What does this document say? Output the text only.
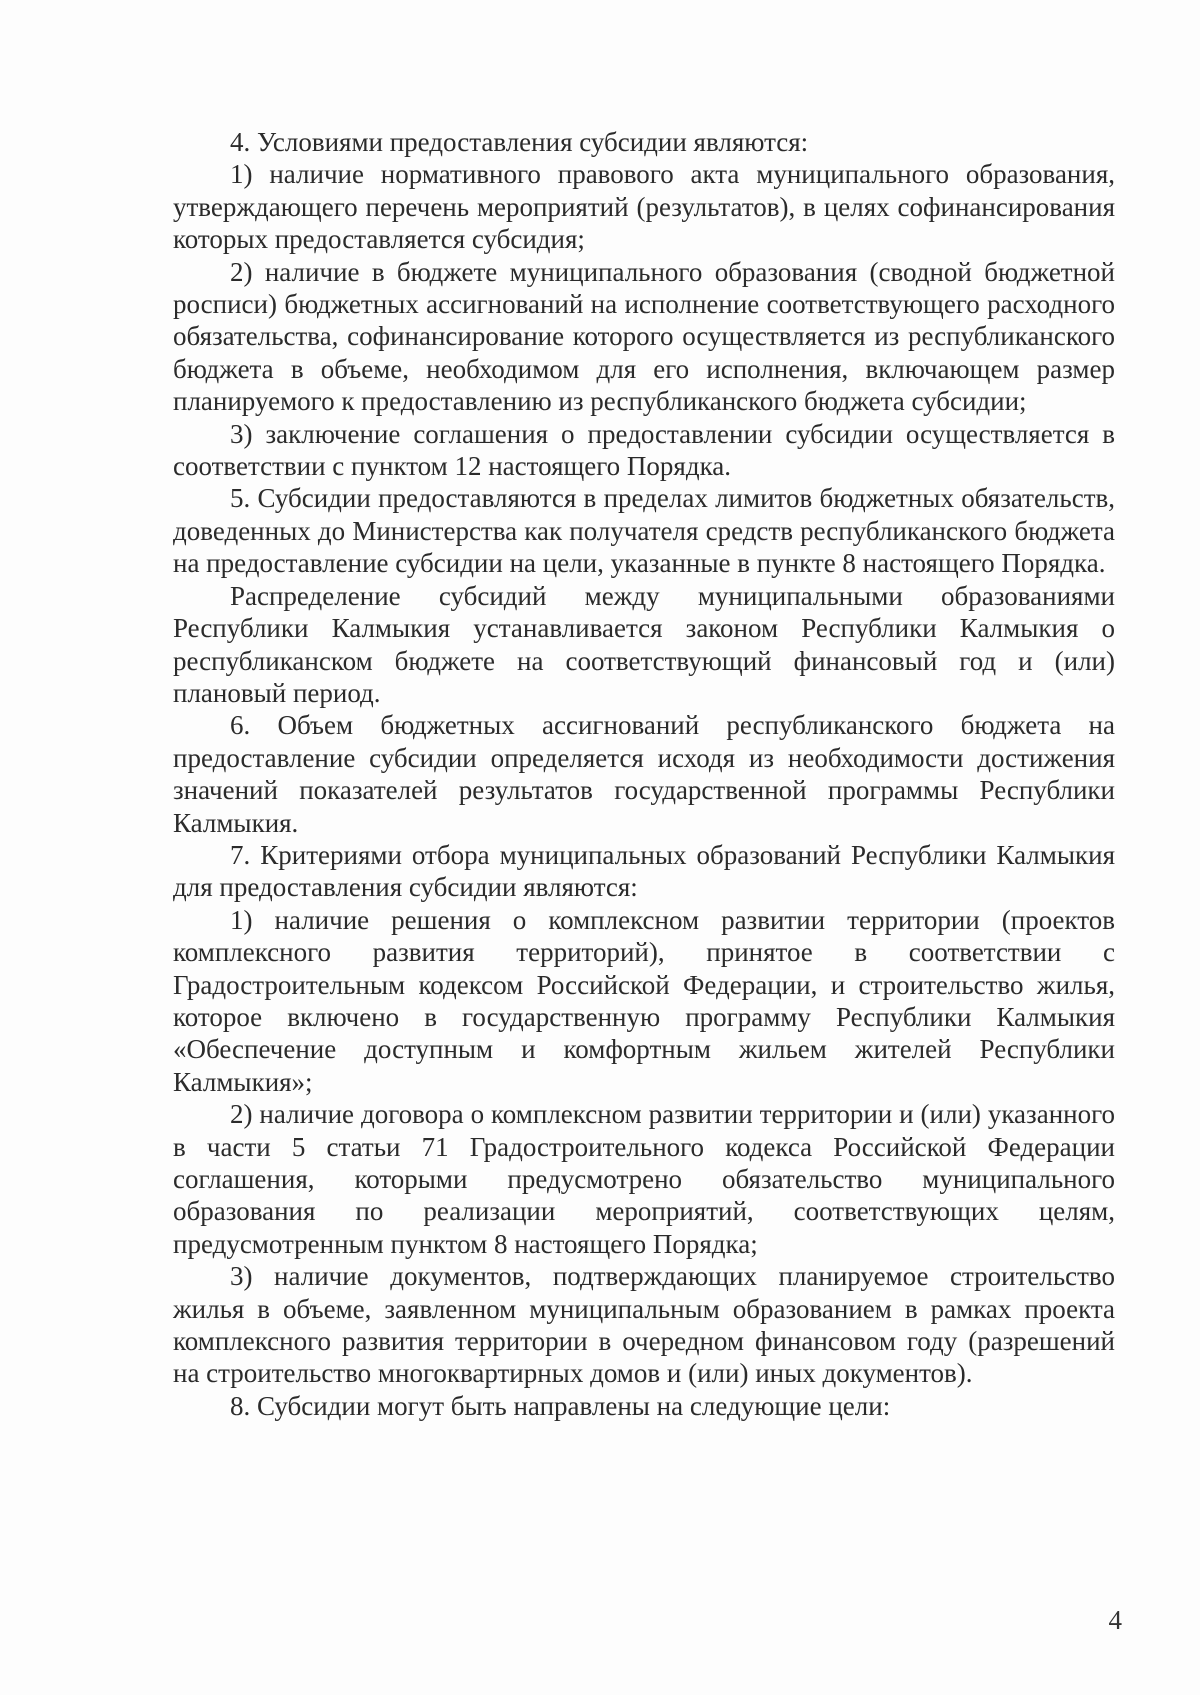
4. Условиями предоставления субсидии являются:

1) наличие нормативного правового акта муниципального образования, утверждающего перечень мероприятий (результатов), в целях софинансирования которых предоставляется субсидия;

2) наличие в бюджете муниципального образования (сводной бюджетной росписи) бюджетных ассигнований на исполнение соответствующего расходного обязательства, софинансирование которого осуществляется из республиканского бюджета в объеме, необходимом для его исполнения, включающем размер планируемого к предоставлению из республиканского бюджета субсидии;

3) заключение соглашения о предоставлении субсидии осуществляется в соответствии с пунктом 12 настоящего Порядка.

5. Субсидии предоставляются в пределах лимитов бюджетных обязательств, доведенных до Министерства как получателя средств республиканского бюджета на предоставление субсидии на цели, указанные в пункте 8 настоящего Порядка.

Распределение субсидий между муниципальными образованиями Республики Калмыкия устанавливается законом Республики Калмыкия о республиканском бюджете на соответствующий финансовый год и (или) плановый период.

6. Объем бюджетных ассигнований республиканского бюджета на предоставление субсидии определяется исходя из необходимости достижения значений показателей результатов государственной программы Республики Калмыкия.

7. Критериями отбора муниципальных образований Республики Калмыкия для предоставления субсидии являются:

1) наличие решения о комплексном развитии территории (проектов комплексного развития территорий), принятое в соответствии с Градостроительным кодексом Российской Федерации, и строительство жилья, которое включено в государственную программу Республики Калмыкия «Обеспечение доступным и комфортным жильем жителей Республики Калмыкия»;

2) наличие договора о комплексном развитии территории и (или) указанного в части 5 статьи 71 Градостроительного кодекса Российской Федерации соглашения, которыми предусмотрено обязательство муниципального образования по реализации мероприятий, соответствующих целям, предусмотренным пунктом 8 настоящего Порядка;

3) наличие документов, подтверждающих планируемое строительство жилья в объеме, заявленном муниципальным образованием в рамках проекта комплексного развития территории в очередном финансовом году (разрешений на строительство многоквартирных домов и (или) иных документов).

8. Субсидии могут быть направлены на следующие цели:

4
